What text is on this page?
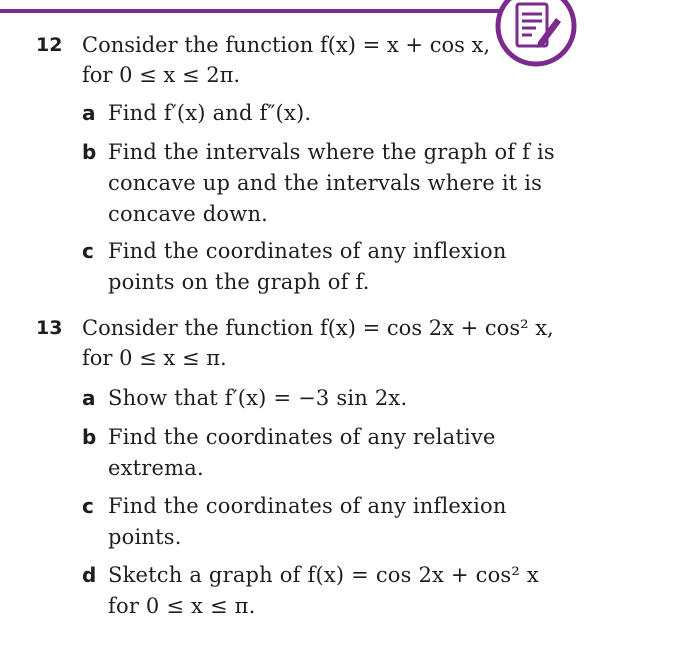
12 Consider the function f(x) = x + cos x,
for 0 ≤ x ≤ 2π.
a Find f′(x) and f″(x).
b Find the intervals where the graph of f is
concave up and the intervals where it is
concave down.
c Find the coordinates of any inflexion
points on the graph of f.
13 Consider the function f(x) = cos 2x + cos² x,
for 0 ≤ x ≤ π.
a Show that f′(x) = −3 sin 2x.
b Find the coordinates of any relative
extrema.
c Find the coordinates of any inflexion
points.
d Sketch a graph of f(x) = cos 2x + cos² x
for 0 ≤ x ≤ π.
